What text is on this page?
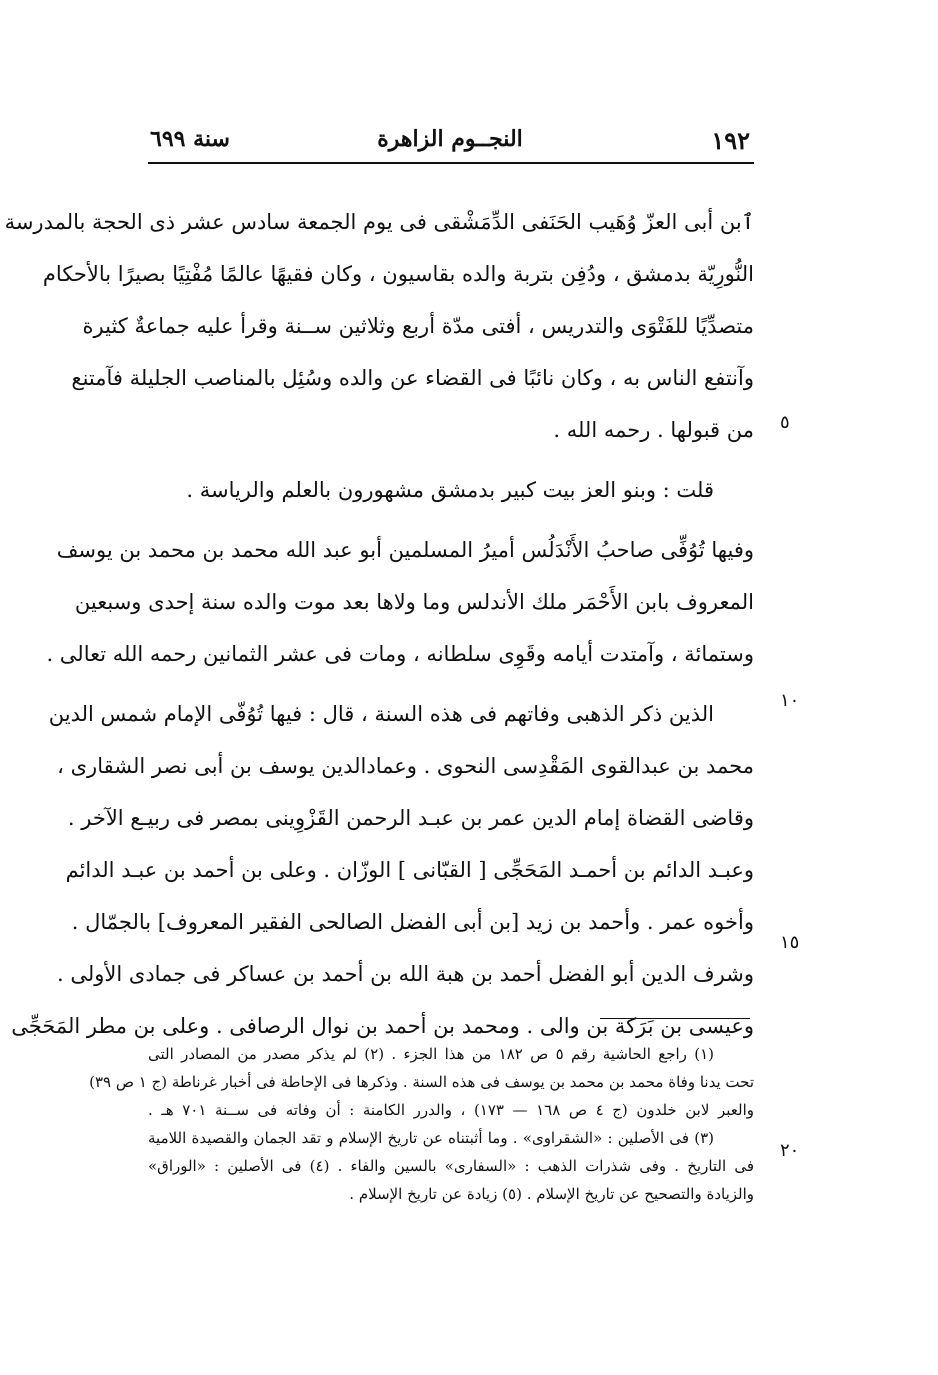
سنة ٦٩٩	النجــوم الزاهرة	١٩٢
ٱبن أبى العزّ وُهَيب الحَنَفى الدِّمَشْقى فى يوم الجمعة سادس عشر ذى الحجة بالمدرسة
النُّورِيّة بدمشق ، ودُفِن بتربة والده بقاسيون ، وكان فقيهًا عالمًا مُفْتِيًا بصيرًا بالأحكام
متصدِّيًا للفَتْوَى والتدريس ، أفتى مدّة أربع وثلاثين ســنة وقرأ عليه جماعةٌ كثيرة
وآنتفع الناس به ، وكان نائبًا فى القضاء عن والده وسُئِل بالمناصب الجليلة فآمتنع
من قبولها . رحمه الله .
قلت : وبنو العز بيت كبير بدمشق مشهورون بالعلم والرياسة .
وفيها تُوُفِّى صاحبُ الأَنْدَلُس أميرُ المسلمين أبو عبد الله محمد بن محمد بن يوسف
المعروف بابن الأَحْمَر ملك الأندلس وما ولاها بعد موت والده سنة إحدى وسبعين
وستمائة ، وآمتدت أيامه وقَوِى سلطانه ، ومات فى عشر الثمانين رحمه الله تعالى .
الذين ذكر الذهبى وفاتهم فى هذه السنة ، قال : فيها تُوُفّى الإمام شمس الدين
محمد بن عبدالقوى المَقْدِسى النحوى . وعمادالدين يوسف بن أبى نصر الشقارى ،
وقاضى القضاة إمام الدين عمر بن عبـد الرحمن القَزْوِينى بمصر فى ربيـع الآخر .
وعبـد الدائم بن أحمـد المَحَجِّى [ القبّانى ] الوزّان . وعلى بن أحمد بن عبـد الدائم
وأخوه عمر . وأحمد بن زيد [بن أبى الفضل الصالحى الفقير المعروف] بالجمّال .
وشرف الدين أبو الفضل أحمد بن هبة الله بن أحمد بن عساكر فى جمادى الأولى .
وعيسى بن بَرَكة بن والى . ومحمد بن أحمد بن نوال الرصافى . وعلى بن مطر المَحَجِّى
٥
١٠
١٥
٢٠
(١) راجع الحاشية رقم ٥ ص ١٨٢ من هذا الجزء . (٢) لم يذكر مصدر من المصادر التى
تحت يدنا وفاة محمد بن محمد بن يوسف فى هذه السنة . وذكرها فى الإحاطة فى أخبار غرناطة (ج ١ ص ٣٩)
والعبر لابن خلدون (ج ٤ ص ١٦٨ — ١٧٣) ، والدرر الكامنة : أن وفاته فى ســنة ٧٠١ هـ .
(٣) فى الأصلين : «الشقراوى» . وما أثبتناه عن تاريخ الإسلام و تقد الجمان والقصيدة اللامية
فى التاريخ . وفى شذرات الذهب : «السفارى» بالسين والفاء . (٤) فى الأصلين : «الوراق»
والزيادة والتصحيح عن تاريخ الإسلام . (٥) زيادة عن تاريخ الإسلام .
